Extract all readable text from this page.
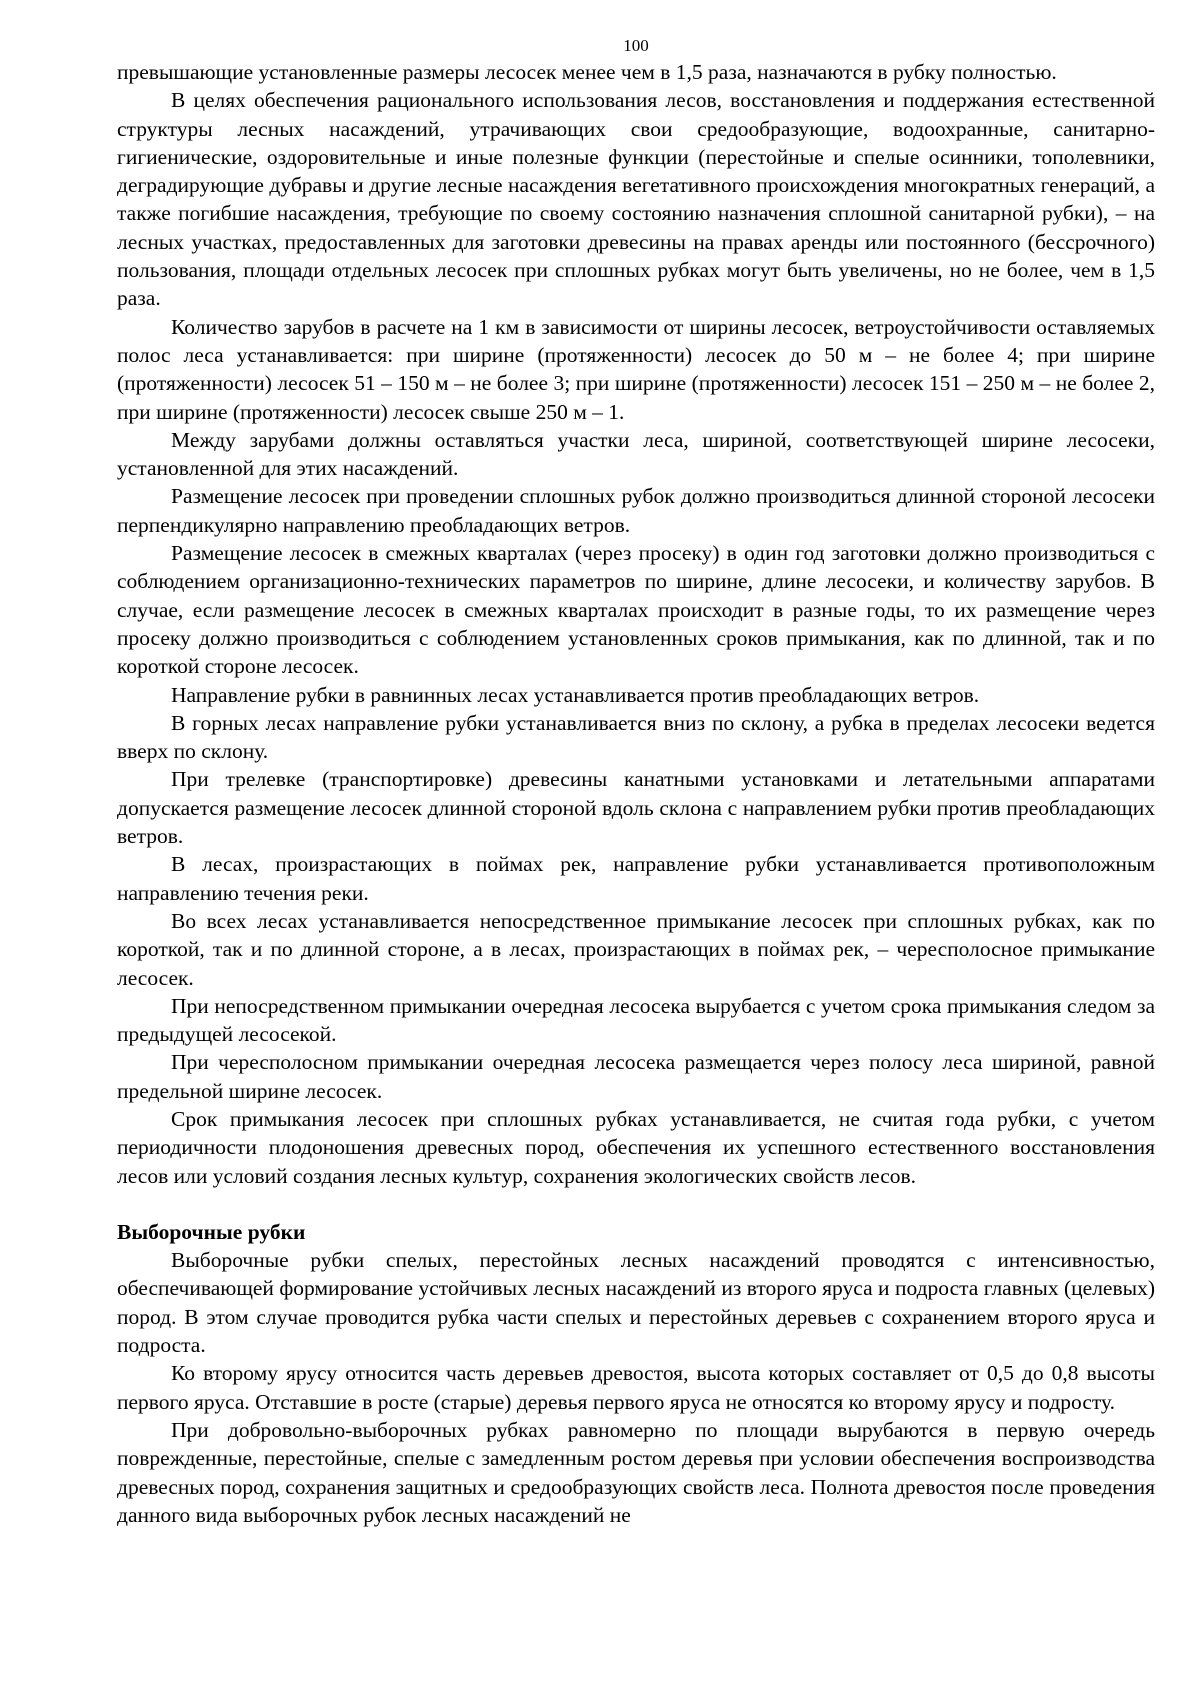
100

превышающие установленные размеры лесосек менее чем в 1,5 раза, назначаются в рубку полностью.

В целях обеспечения рационального использования лесов, восстановления и поддержания естественной структуры лесных насаждений, утрачивающих свои средообразующие, водоохранные, санитарно-гигиенические, оздоровительные и иные полезные функции (перестойные и спелые осинники, тополевники, деградирующие дубравы и другие лесные насаждения вегетативного происхождения многократных генераций, а также погибшие насаждения, требующие по своему состоянию назначения сплошной санитарной рубки), – на лесных участках, предоставленных для заготовки древесины на правах аренды или постоянного (бессрочного) пользования, площади отдельных лесосек при сплошных рубках могут быть увеличены, но не более, чем в 1,5 раза.

Количество зарубов в расчете на 1 км в зависимости от ширины лесосек, ветроустойчивости оставляемых полос леса устанавливается: при ширине (протяженности) лесосек до 50 м – не более 4; при ширине (протяженности) лесосек 51 – 150 м – не более 3; при ширине (протяженности) лесосек 151 – 250 м – не более 2, при ширине (протяженности) лесосек свыше 250 м – 1.

Между зарубами должны оставляться участки леса, шириной, соответствующей ширине лесосеки, установленной для этих насаждений.

Размещение лесосек при проведении сплошных рубок должно производиться длинной стороной лесосеки перпендикулярно направлению преобладающих ветров.

Размещение лесосек в смежных кварталах (через просеку) в один год заготовки должно производиться с соблюдением организационно-технических параметров по ширине, длине лесосеки, и количеству зарубов. В случае, если размещение лесосек в смежных кварталах происходит в разные годы, то их размещение через просеку должно производиться с соблюдением установленных сроков примыкания, как по длинной, так и по короткой стороне лесосек.

Направление рубки в равнинных лесах устанавливается против преобладающих ветров.

В горных лесах направление рубки устанавливается вниз по склону, а рубка в пределах лесосеки ведется вверх по склону.

При трелевке (транспортировке) древесины канатными установками и летательными аппаратами допускается размещение лесосек длинной стороной вдоль склона с направлением рубки против преобладающих ветров.

В лесах, произрастающих в поймах рек, направление рубки устанавливается противоположным направлению течения реки.

Во всех лесах устанавливается непосредственное примыкание лесосек при сплошных рубках, как по короткой, так и по длинной стороне, а в лесах, произрастающих в поймах рек, – чересполосное примыкание лесосек.

При непосредственном примыкании очередная лесосека вырубается с учетом срока примыкания следом за предыдущей лесосекой.

При чересполосном примыкании очередная лесосека размещается через полосу леса шириной, равной предельной ширине лесосек.

Срок примыкания лесосек при сплошных рубках устанавливается, не считая года рубки, с учетом периодичности плодоношения древесных пород, обеспечения их успешного естественного восстановления лесов или условий создания лесных культур, сохранения экологических свойств лесов.

Выборочные рубки

Выборочные рубки спелых, перестойных лесных насаждений проводятся с интенсивностью, обеспечивающей формирование устойчивых лесных насаждений из второго яруса и подроста главных (целевых) пород. В этом случае проводится рубка части спелых и перестойных деревьев с сохранением второго яруса и подроста.

Ко второму ярусу относится часть деревьев древостоя, высота которых составляет от 0,5 до 0,8 высоты первого яруса. Отставшие в росте (старые) деревья первого яруса не относятся ко второму ярусу и подросту.

При добровольно-выборочных рубках равномерно по площади вырубаются в первую очередь поврежденные, перестойные, спелые с замедленным ростом деревья при условии обеспечения воспроизводства древесных пород, сохранения защитных и средообразующих свойств леса. Полнота древостоя после проведения данного вида выборочных рубок лесных насаждений не
